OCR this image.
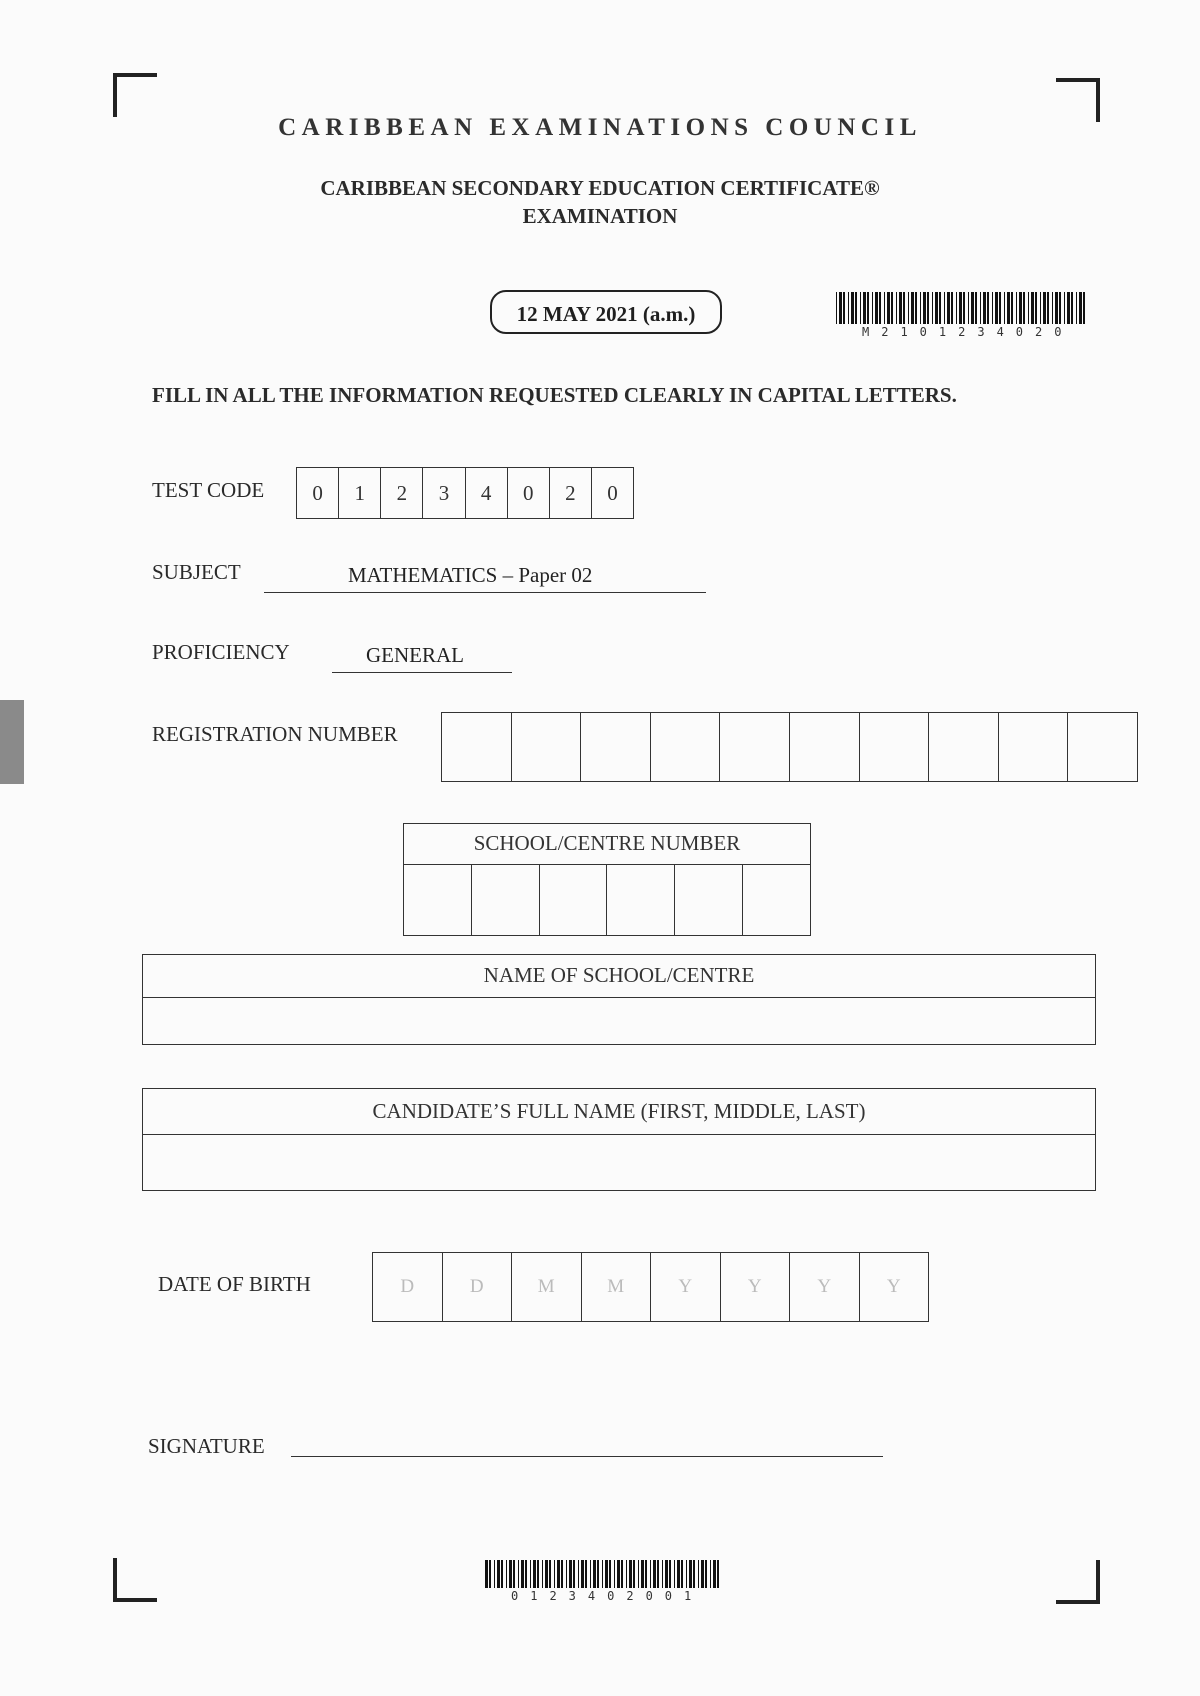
CARIBBEAN EXAMINATIONS COUNCIL
CARIBBEAN SECONDARY EDUCATION CERTIFICATE®
EXAMINATION
12 MAY 2021 (a.m.)
M2101234020
FILL IN ALL THE INFORMATION REQUESTED CLEARLY IN CAPITAL LETTERS.
TEST CODE	0	1	2	3	4	0	2	0
SUBJECT	MATHEMATICS – Paper 02
PROFICIENCY	GENERAL
REGISTRATION NUMBER
SCHOOL/CENTRE NUMBER
NAME OF SCHOOL/CENTRE
CANDIDATE’S FULL NAME (FIRST, MIDDLE, LAST)
DATE OF BIRTH	D	D	M	M	Y	Y	Y	Y
SIGNATURE
0123402001
